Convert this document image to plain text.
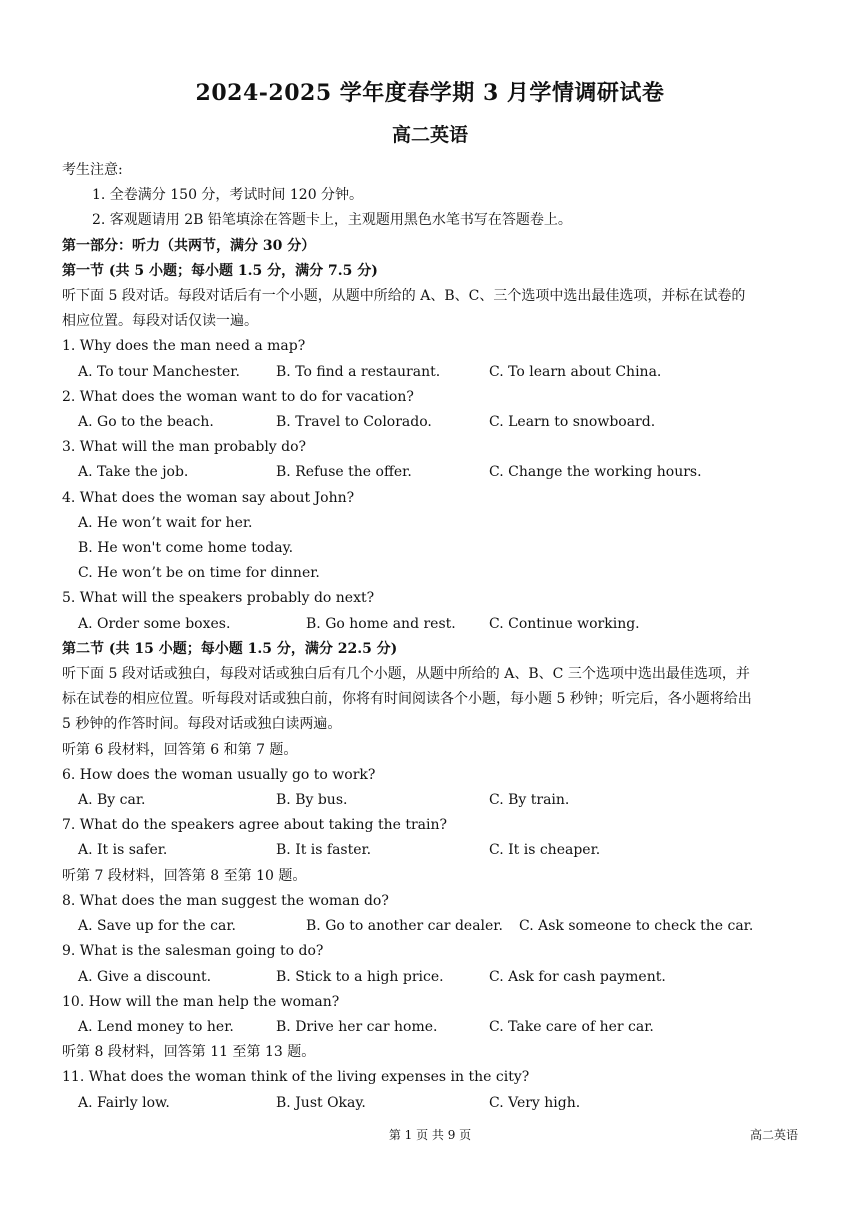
2024-2025 学年度春学期 3 月学情调研试卷
高二英语
考生注意:
1. 全卷满分 150 分，考试时间 120 分钟。
2. 客观题请用 2B 铅笔填涂在答题卡上，主观题用黑色水笔书写在答题卷上。
第一部分：听力（共两节，满分 30 分）
第一节 (共 5 小题；每小题 1.5 分，满分 7.5 分)
听下面 5 段对话。每段对话后有一个小题，从题中所给的 A、B、C、三个选项中选出最佳选项，并标在试卷的
相应位置。每段对话仅读一遍。
1. Why does the man need a map?
A. To tour Manchester.	B. To find a restaurant.	C. To learn about China.
2. What does the woman want to do for vacation?
A. Go to the beach.	B. Travel to Colorado.	C. Learn to snowboard.
3. What will the man probably do?
A. Take the job.	B. Refuse the offer.	C. Change the working hours.
4. What does the woman say about John?
A. He won’t wait for her.
B. He won't come home today.
C. He won’t be on time for dinner.
5. What will the speakers probably do next?
A. Order some boxes.	B. Go home and rest.	C. Continue working.
第二节 (共 15 小题；每小题 1.5 分，满分 22.5 分)
听下面 5 段对话或独白，每段对话或独白后有几个小题，从题中所给的 A、B、C 三个选项中选出最佳选项，并
标在试卷的相应位置。听每段对话或独白前，你将有时间阅读各个小题，每小题 5 秒钟；听完后，各小题将给出
5 秒钟的作答时间。每段对话或独白读两遍。
听第 6 段材料，回答第 6 和第 7 题。
6. How does the woman usually go to work?
A. By car.	B. By bus.	C. By train.
7. What do the speakers agree about taking the train?
A. It is safer.	B. It is faster.	C. It is cheaper.
听第 7 段材料，回答第 8 至第 10 题。
8. What does the man suggest the woman do?
A. Save up for the car.	B. Go to another car dealer.	C. Ask someone to check the car.
9. What is the salesman going to do?
A. Give a discount.	B. Stick to a high price.	C. Ask for cash payment.
10. How will the man help the woman?
A. Lend money to her.	B. Drive her car home.	C. Take care of her car.
听第 8 段材料，回答第 11 至第 13 题。
11. What does the woman think of the living expenses in the city?
A. Fairly low.	B. Just Okay.	C. Very high.
第 1 页 共 9 页	高二英语
